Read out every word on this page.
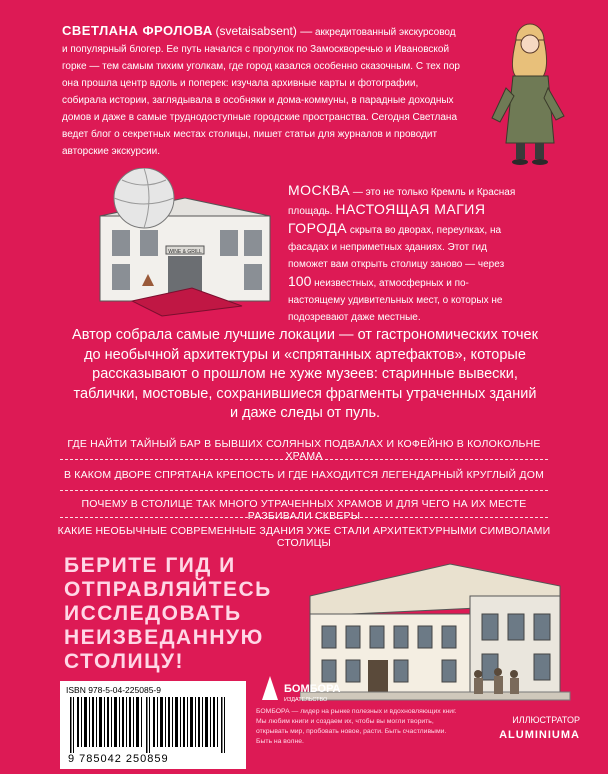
СВЕТЛАНА ФРОЛОВА (svetaisabsent) — аккредитованный экскурсовод и популярный блогер. Ее путь начался с прогулок по Замоскворечью и Ивановской горке — тем самым тихим уголкам, где город казался особенно сказочным. С тех пор она прошла центр вдоль и поперек: изучала архивные карты и фотографии, собирала истории, заглядывала в особняки и дома-коммуны, в парадные доходных домов и даже в самые труднодоступные городские пространства. Сегодня Светлана ведет блог о секретных местах столицы, пишет статьи для журналов и проводит авторские экскурсии.
WINE & GRILL
МОСКВА — это не только Кремль и Красная площадь. НАСТОЯЩАЯ МАГИЯ ГОРОДА скрыта во дворах, переулках, на фасадах и неприметных зданиях. Этот гид поможет вам открыть столицу заново — через 100 неизвестных, атмосферных и по-настоящему удивительных мест, о которых не подозревают даже местные.
Автор собрала самые лучшие локации — от гастрономических точек до необычной архитектуры и «спрятанных артефактов», которые рассказывают о прошлом не хуже музеев: старинные вывески, таблички, мостовые, сохранившиеся фрагменты утраченных зданий и даже следы от пуль.
ГДЕ НАЙТИ ТАЙНЫЙ БАР В БЫВШИХ СОЛЯНЫХ ПОДВАЛАХ И КОФЕЙНЮ В КОЛОКОЛЬНЕ ХРАМА
В КАКОМ ДВОРЕ СПРЯТАНА КРЕПОСТЬ И ГДЕ НАХОДИТСЯ ЛЕГЕНДАРНЫЙ КРУГЛЫЙ ДОМ
ПОЧЕМУ В СТОЛИЦЕ ТАК МНОГО УТРАЧЕННЫХ ХРАМОВ И ДЛЯ ЧЕГО НА ИХ МЕСТЕ РАЗБИВАЛИ СКВЕРЫ
КАКИЕ НЕОБЫЧНЫЕ СОВРЕМЕННЫЕ ЗДАНИЯ УЖЕ СТАЛИ АРХИТЕКТУРНЫМИ СИМВОЛАМИ СТОЛИЦЫ
БЕРИТЕ ГИД И ОТПРАВЛЯЙТЕСЬ ИССЛЕДОВАТЬ НЕИЗВЕДАННУЮ СТОЛИЦУ!
ISBN 978-5-04-225085-9
9 785042 250859
БОМБОРА
ИЗДАТЕЛЬСТВО
БОМБОРА — лидер на рынке полезных и вдохновляющих книг. Мы любим книги и создаем их, чтобы вы могли творить, открывать мир, пробовать новое, расти. Быть счастливыми. Быть на волне.
ИЛЛЮСТРАТОР
ALUMINIUMA
